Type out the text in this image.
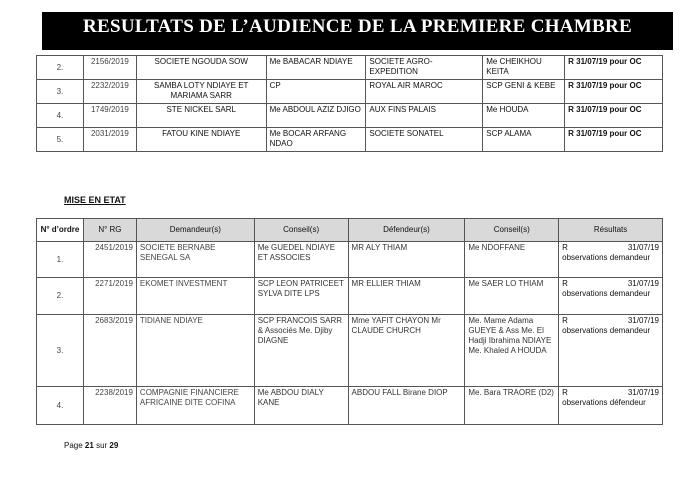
RESULTATS DE L’AUDIENCE DE LA PREMIERE CHAMBRE
2.	2156/2019	SOCIETE NGOUDA SOW	Me BABACAR NDIAYE	SOCIETE AGRO-EXPEDITION	Me CHEIKHOU KEITA	R 31/07/19 pour OC
3.	2232/2019	SAMBA LOTY NDIAYE ET MARIAMA SARR	CP	ROYAL AIR MAROC	SCP GENI & KEBE	R 31/07/19 pour OC
4.	1749/2019	STE NICKEL SARL	Me ABDOUL AZIZ DJIGO	AUX FINS PALAIS	Me HOUDA	R 31/07/19 pour OC
5.	2031/2019	FATOU KINE NDIAYE	Me BOCAR ARFANG NDAO	SOCIETE SONATEL	SCP ALAMA	R 31/07/19 pour OC
MISE EN ETAT
N° d’ordre	N° RG	Demandeur(s)	Conseil(s)	Défendeur(s)	Conseil(s)	Résultats
1.	2451/2019	SOCIETE BERNABE SENEGAL SA	Me GUEDEL NDIAYE ET ASSOCIES	MR ALY THIAM	Me NDOFFANE	R 31/07/19
observations demandeur

2.	2271/2019	EKOMET INVESTMENT	SCP LEON PATRICEET SYLVA DITE LPS	MR ELLIER THIAM	Me SAER LO THIAM	R 31/07/19
observations demandeur

3.	2683/2019	TIDIANE NDIAYE	SCP FRANCOIS SARR & Associés Me. Djiby DIAGNE	Mme YAFIT CHAYON Mr CLAUDE CHURCH	Me. Mame Adama GUEYE & Ass Me. El Hadji Ibrahima NDIAYE Me. Khaled A HOUDA	R 31/07/19
observations demandeur

4.	2238/2019	COMPAGNIE FINANCIERE AFRICAINE DITE COFINA	Me ABDOU DIALY KANE	ABDOU FALL Birane DIOP	Me. Bara TRAORE (D2)	R 31/07/19
observations défendeur
Page 21 sur 29
